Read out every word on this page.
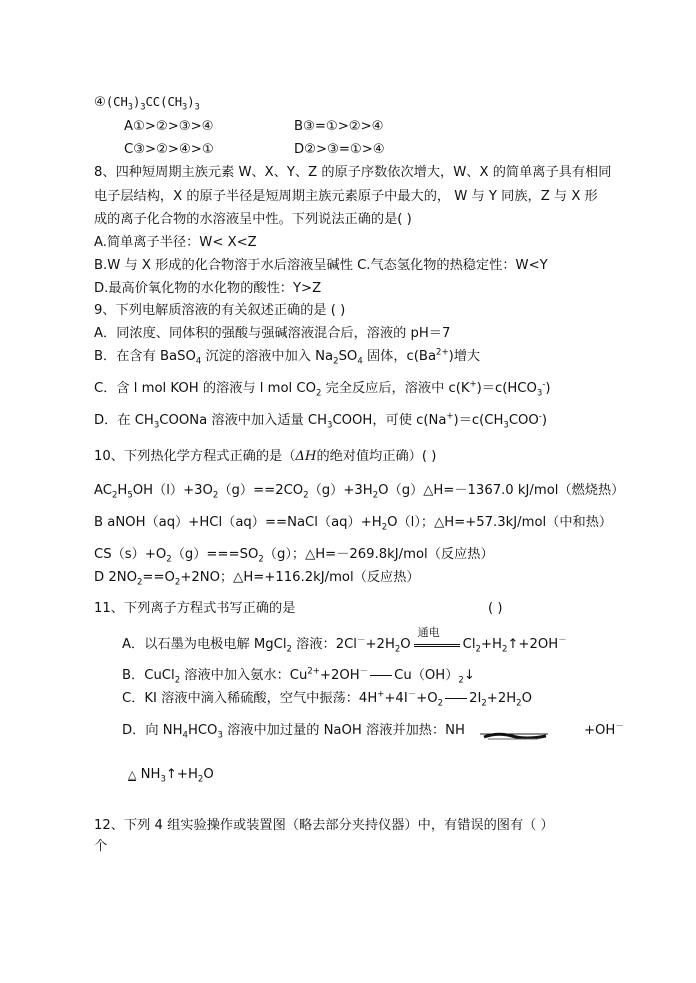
$④(CH_3)_3CC(CH_3)_3$
A①>②>③>④	B③=①>②>④
C③>②>④>①	D②>③=①>④
8、四种短周期主族元素 W、X、Y、Z 的原子序数依次增大，W、X 的简单离子具有相同
电子层结构，X 的原子半径是短周期主族元素原子中最大的， W 与 Y 同族，Z 与 X 形
成的离子化合物的水溶液呈中性。下列说法正确的是( )
A.简单离子半径：W< X<Z
B.W 与 X 形成的化合物溶于水后溶液呈碱性 C.气态氢化物的热稳定性：W<Y
D.最高价氧化物的水化物的酸性：Y>Z
9、下列电解质溶液的有关叙述正确的是 ( )
A．同浓度、同体积的强酸与强碱溶液混合后，溶液的 pH＝7
B．在含有 BaSO$_4$ 沉淀的溶液中加入 $Na_2SO_4$ 固体，$c(Ba^{2+})$增大
C．含 l mol KOH 的溶液与 l mol $CO_2$ 完全反应后，溶液中 $c(K^+)=c(HCO_3^-)$
D．在 $CH_3COONa$ 溶液中加入适量 $CH_3COOH$，可使 $c(Na^+)=c(CH_3COO^-)$
10、下列热化学方程式正确的是（ΔH的绝对值均正确）( )
$AC_2H_5OH(l)+3O_2(g)==2CO_2(g)+3H_2O(g)\triangle H=-1367.0$ kJ/mol（燃烧热）
B $aNOH(aq)+HCl(aq)==NaCl(aq)+H_2O(l)$；△H=+57.3kJ/mol（中和热）
$CS(s)+O_2(g)===SO_2(g)$；△H=－269.8kJ/mol（反应热）
D $2NO_2==O_2+2NO$；△H=+116.2kJ/mol（反应热）
11、下列离子方程式书写正确的是	( )
A．以石墨为电极电解 MgCl$_2$ 溶液：$2Cl^-+2H_2O$
通电
$Cl_2+H_2↑+2OH^-$
B．CuCl$_2$ 溶液中加入氨水：$Cu^{2+}+2OH^-$ $Cu(OH)_2↓$
C．KI 溶液中滴入稀硫酸，空气中振荡：$4H^++4I^-+O_2$ $2I_2+2H_2O$
D．向 $NH_4HCO_3$ 溶液中加过量的 NaOH 溶液并加热：NH	+OH－
△ $NH_3↑+H_2O$
12、下列 4 组实验操作或装置图（略去部分夹持仪器）中，有错误的图有（ ）
个
